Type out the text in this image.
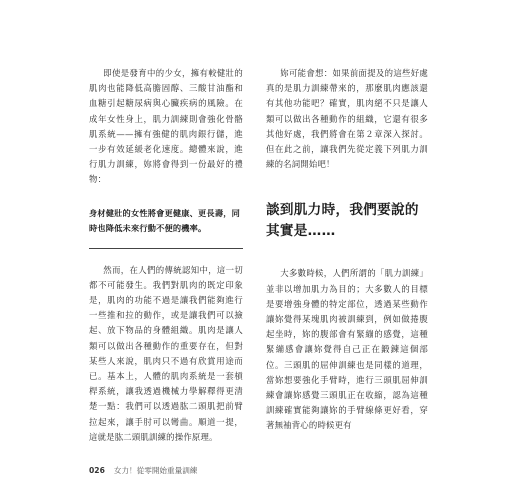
即使是發育中的少女，擁有較健壯的肌肉也能降低高膽固醇、三酸甘油酯和血糖引起糖尿病與心臟疾病的風險。在成年女性身上，肌力訓練則會強化骨骼肌系統——擁有強健的肌肉銀行儲，進一步有效延緩老化速度。總體來說，進行肌力訓練，妳將會得到一份最好的禮物：

身材健壯的女性將會更健康、更長壽，同時也降低未來行動不便的機率。

然而，在人們的傳統認知中，這一切都不可能發生。我們對肌肉的既定印象是，肌肉的功能不過是讓我們能夠進行一些推和拉的動作，或是讓我們可以撿起、放下物品的身體組織。肌肉是讓人類可以做出各種動作的重要存在，但對某些人來說，肌肉只不過有欣賞用途而已。基本上，人體的肌肉系統是一套槓桿系統，讓我透過機械力學解釋得更清楚一點：我們可以透過肱二頭肌把前臂拉起來，讓手肘可以彎曲。順道一提，這就是肱二頭肌訓練的操作原理。

妳可能會想：如果前面提及的這些好處真的是肌力訓練帶來的，那麼肌肉應該還有其他功能吧？確實，肌肉絕不只是讓人類可以做出各種動作的組織，它還有很多其他好處，我們將會在第２章深入探討。但在此之前，讓我們先從定義下列肌力訓練的名詞開始吧！

談到肌力時，我們要說的其實是……

大多數時候，人們所謂的「肌力訓練」並非以增加肌力為目的；大多數人的目標是要增強身體的特定部位，透過某些動作讓妳覺得某塊肌肉被訓練到，例如做捲腹起坐時，妳的腹部會有緊繃的感覺，這種緊繃感會讓妳覺得自己正在鍛鍊這個部位。三頭肌的屈伸訓練也是同樣的道理，當妳想要強化手臂時，進行三頭肌屈伸訓練會讓妳感覺三頭肌正在收縮，認為這種訓練確實能夠讓妳的手臂線條更好看，穿著無袖背心的時候更有

026 女力！從零開始重量訓練
